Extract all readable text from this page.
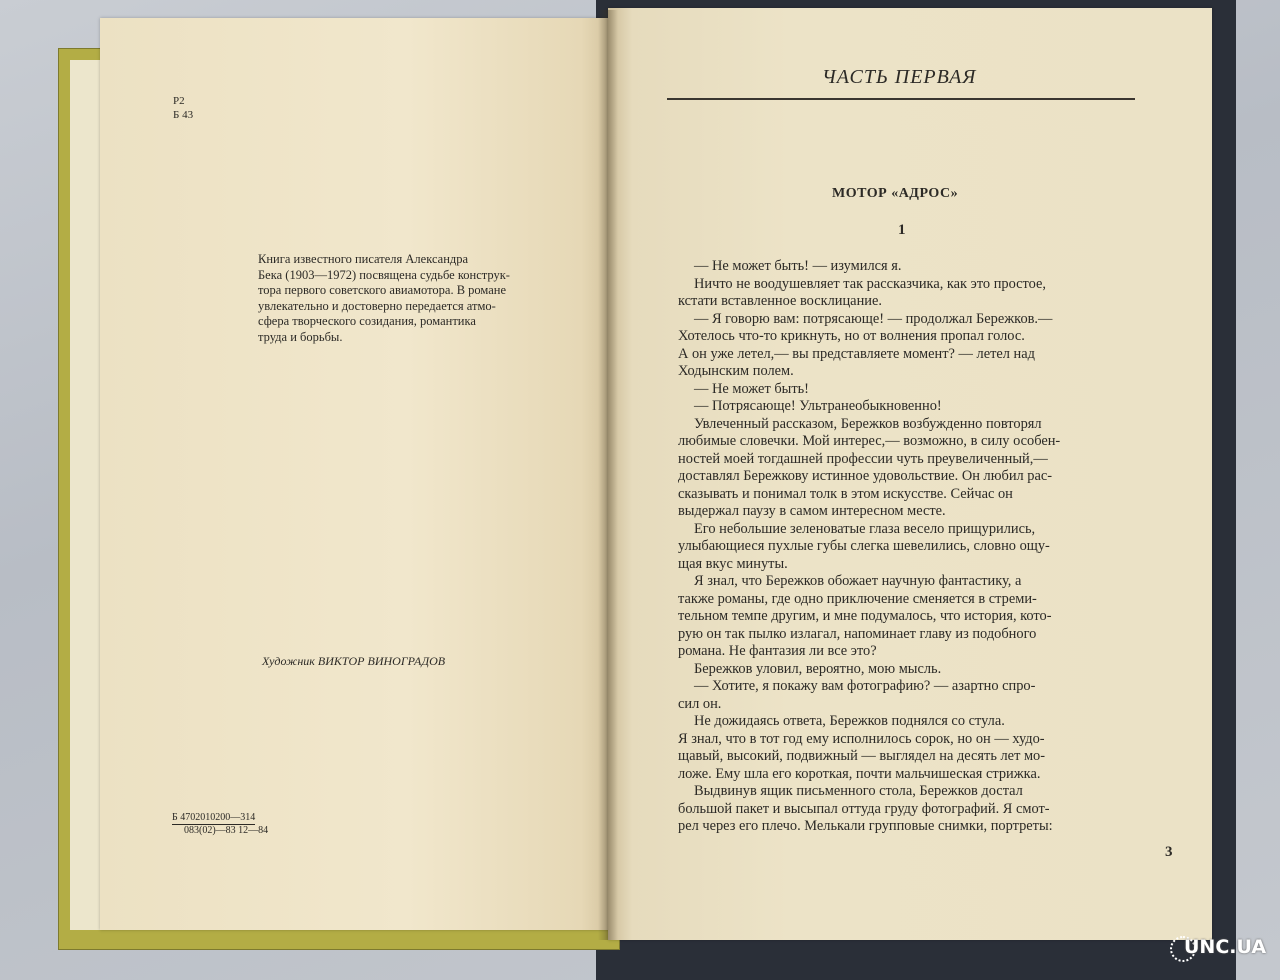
Р2
Б 43
Книга известного писателя Александра
Бека (1903—1972) посвящена судьбе конструк-
тора первого советского авиамотора. В романе
увлекательно и достоверно передается атмо-
сфера творческого созидания, романтика
труда и борьбы.
Художник ВИКТОР ВИНОГРАДОВ
Б 4702010200—314

083(02)—83 12—84
ЧАСТЬ ПЕРВАЯ
МОТОР «АДРОС»
1
— Не может быть! — изумился я.
Ничто не воодушевляет так рассказчика, как это простое,
кстати вставленное восклицание.
— Я говорю вам: потрясающе! — продолжал Бережков.—
Хотелось что-то крикнуть, но от волнения пропал голос.
А он уже летел,— вы представляете момент? — летел над
Ходынским полем.
— Не может быть!
— Потрясающе! Ультранеобыкновенно!
Увлеченный рассказом, Бережков возбужденно повторял
любимые словечки. Мой интерес,— возможно, в силу особен-
ностей моей тогдашней профессии чуть преувеличенный,—
доставлял Бережкову истинное удовольствие. Он любил рас-
сказывать и понимал толк в этом искусстве. Сейчас он
выдержал паузу в самом интересном месте.
Его небольшие зеленоватые глаза весело прищурились,
улыбающиеся пухлые губы слегка шевелились, словно ощу-
щая вкус минуты.
Я знал, что Бережков обожает научную фантастику, а
также романы, где одно приключение сменяется в стреми-
тельном темпе другим, и мне подумалось, что история, кото-
рую он так пылко излагал, напоминает главу из подобного
романа. Не фантазия ли все это?
Бережков уловил, вероятно, мою мысль.
— Хотите, я покажу вам фотографию? — азартно спро-
сил он.
Не дожидаясь ответа, Бережков поднялся со стула.
Я знал, что в тот год ему исполнилось сорок, но он — худо-
щавый, высокий, подвижный — выглядел на десять лет мо-
ложе. Ему шла его короткая, почти мальчишеская стрижка.
Выдвинув ящик письменного стола, Бережков достал
большой пакет и высыпал оттуда груду фотографий. Я смот-
рел через его плечо. Мелькали групповые снимки, портреты:
3
UNC.UA
